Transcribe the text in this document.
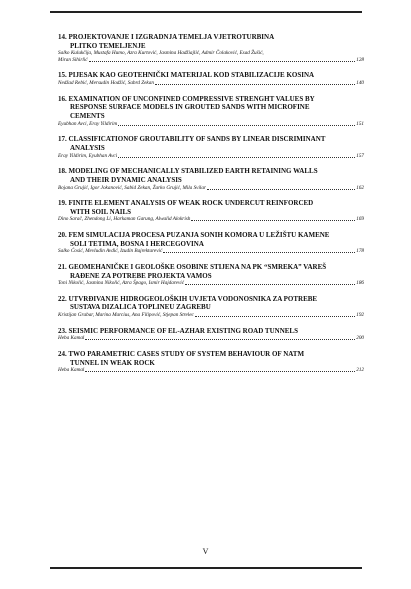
14. PROJEKTOVANJE I IZGRADNJA TEMELJA VJETROTURBINA
PLITKO TEMELJENJE
Salko Kulukčija, Mustafa Humo, Azra Kurtović, Jasmina Hadžiajlić, Admir Čolaković, Esad Žušić,
Miran Sihirlić	128
15. PIJESAK KAO GEOTEHNIČKI MATERIJAL KOD STABILIZACIJE KOSINA
Nedžad Rebić, Mersudin Hodžić, Sabrd Zekan	140
16. EXAMINATION OF UNCONFINED COMPRESSIVE STRENGHT VALUES BY
RESPONSE SURFACE MODELS IN GROUTED SANDS WITH MICROFINE
CEMENTS
Eyubhan Avci, Eray Yildirim	151
17. CLASSIFICATIONOF GROUTABILITY OF SANDS BY LINEAR DISCRIMINANT
ANALYSIS
Eray Yildirim, Eyubhan Avci	157
18. MODELING OF MECHANICALLY STABILIZED EARTH RETAINING WALLS
AND THEIR DYNAMIC ANALYSIS
Bojana Grujić, Igor Jokanović, Sabid Zekan, Žarko Grujić, Mila Svilar	162
19. FINITE ELEMENT ANALYSIS OF WEAK ROCK UNDERCUT REINFORCED
WITH SOIL NAILS
Dino Sarač, Zhendong Li, Harkaman Garung, Alwalid Alokrish	169
20. FEM SIMULACIJA PROCESA PUZANJA SONIH KOMORA U LEŽIŠTU KAMENE
SOLI TETIMA, BOSNA I HERCEGOVINA
Salko Ćosić, Mevludin Avdić, Izudin Bajrektarević	178
21. GEOMEHANIČKE I GEOLOŠKE OSOBINE STIJENA NA PK “SMREKA” VAREŠ
RAĐENE ZA POTREBE PROJEKTA VAMOS
Toni Nikolić, Jasmina Nikolić, Azra Špago, Ismir Hajdarević	186
22. UTVRĐIVANJE HIDROGEOLOŠKIH UVJETA VODONOSNIKA ZA POTREBE
SUSTAVA DIZALICA TOPLINEU ZAGREBU
Kristijan Grabar, Marina Marcius, Ana Filipović, Stjepan Strelec	192
23. SEISMIC PERFORMANCE OF EL-AZHAR EXISTING ROAD TUNNELS
Heba Kamal	200
24. TWO PARAMETRIC CASES STUDY OF SYSTEM BEHAVIOUR OF NATM
TUNNEL IN WEAK ROCK
Heba Kamal	212
V
